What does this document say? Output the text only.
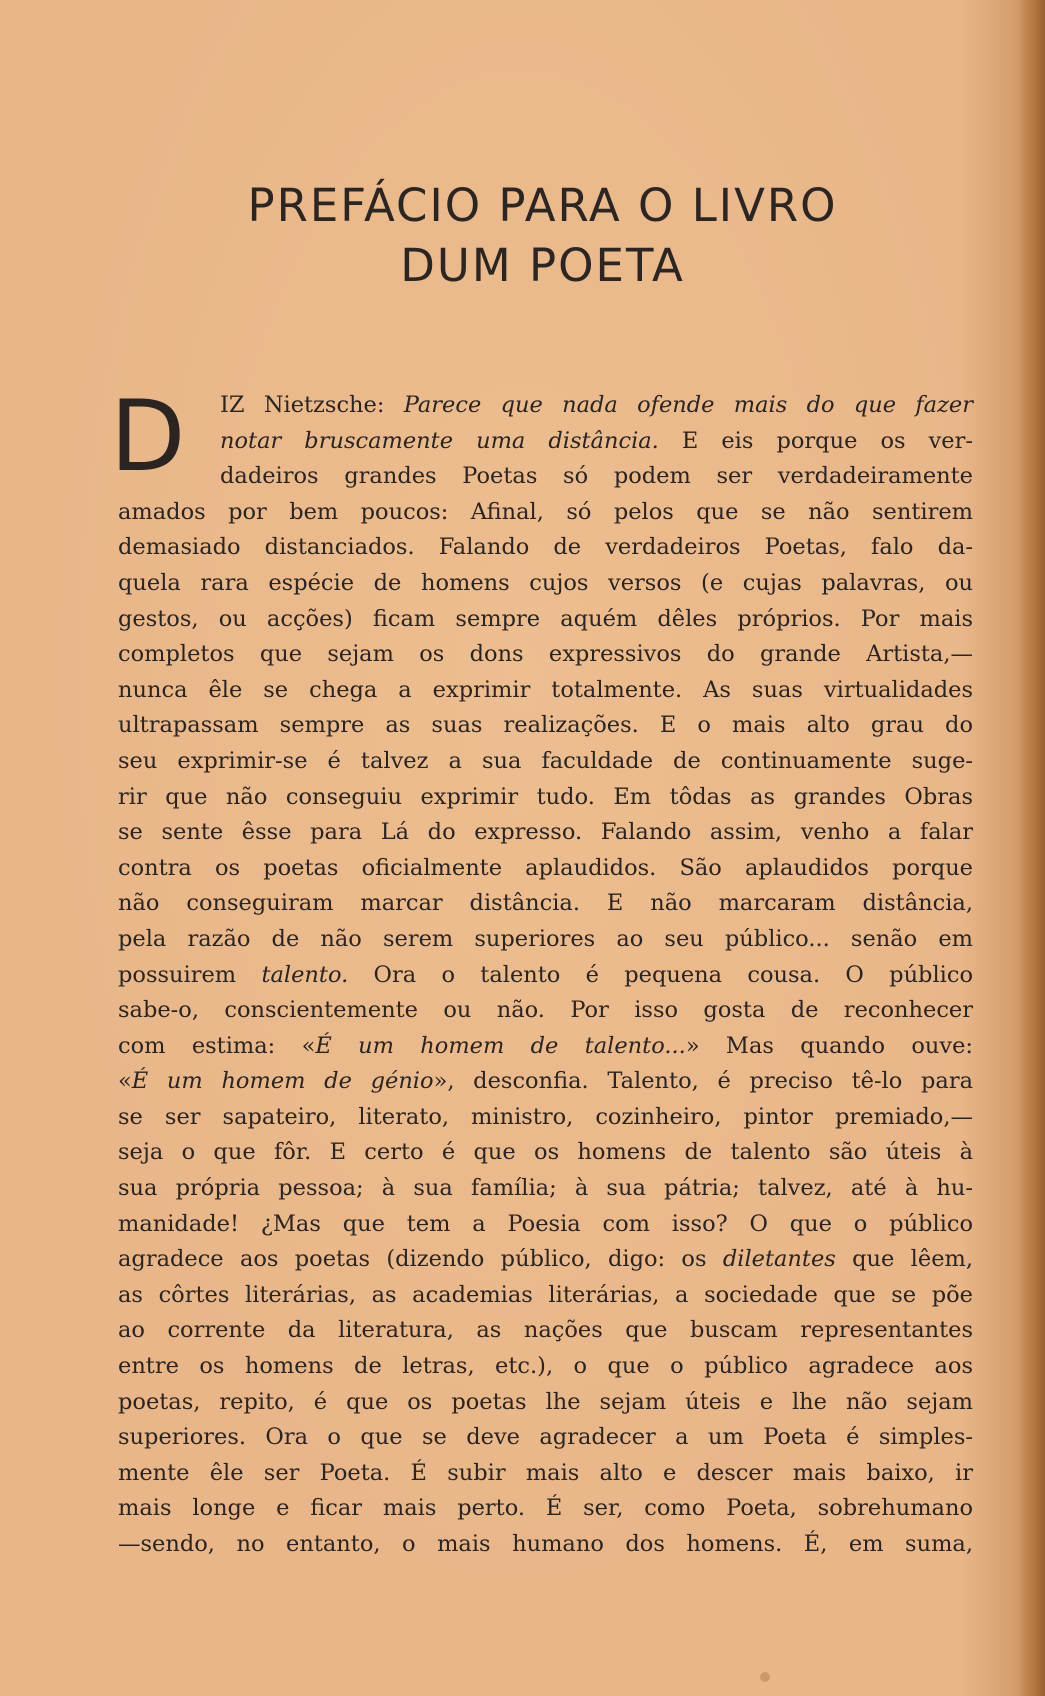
PREFÁCIO PARA O LIVRO
DUM POETA
D	IZ Nietzsche: Parece que nada ofende mais do que fazer
notar bruscamente uma distância. E eis porque os ver-
dadeiros grandes Poetas só podem ser verdadeiramente
amados por bem poucos: Afinal, só pelos que se não sentirem
demasiado distanciados. Falando de verdadeiros Poetas, falo da-
quela rara espécie de homens cujos versos (e cujas palavras, ou
gestos, ou acções) ficam sempre aquém dêles próprios. Por mais
completos que sejam os dons expressivos do grande Artista,—
nunca êle se chega a exprimir totalmente. As suas virtualidades
ultrapassam sempre as suas realizações. E o mais alto grau do
seu exprimir-se é talvez a sua faculdade de continuamente suge-
rir que não conseguiu exprimir tudo. Em tôdas as grandes Obras
se sente êsse para Lá do expresso. Falando assim, venho a falar
contra os poetas oficialmente aplaudidos. São aplaudidos porque
não conseguiram marcar distância. E não marcaram distância,
pela razão de não serem superiores ao seu público... senão em
possuirem talento. Ora o talento é pequena cousa. O público
sabe-o, conscientemente ou não. Por isso gosta de reconhecer
com estima: «É um homem de talento...» Mas quando ouve:
«É um homem de génio», desconfia. Talento, é preciso tê-lo para
se ser sapateiro, literato, ministro, cozinheiro, pintor premiado,—
seja o que fôr. E certo é que os homens de talento são úteis à
sua própria pessoa; à sua família; à sua pátria; talvez, até à hu-
manidade! ¿Mas que tem a Poesia com isso? O que o público
agradece aos poetas (dizendo público, digo: os diletantes que lêem,
as côrtes literárias, as academias literárias, a sociedade que se põe
ao corrente da literatura, as nações que buscam representantes
entre os homens de letras, etc.), o que o público agradece aos
poetas, repito, é que os poetas lhe sejam úteis e lhe não sejam
superiores. Ora o que se deve agradecer a um Poeta é simples-
mente êle ser Poeta. É subir mais alto e descer mais baixo, ir
mais longe e ficar mais perto. É ser, como Poeta, sobrehumano
—sendo, no entanto, o mais humano dos homens. É, em suma,
